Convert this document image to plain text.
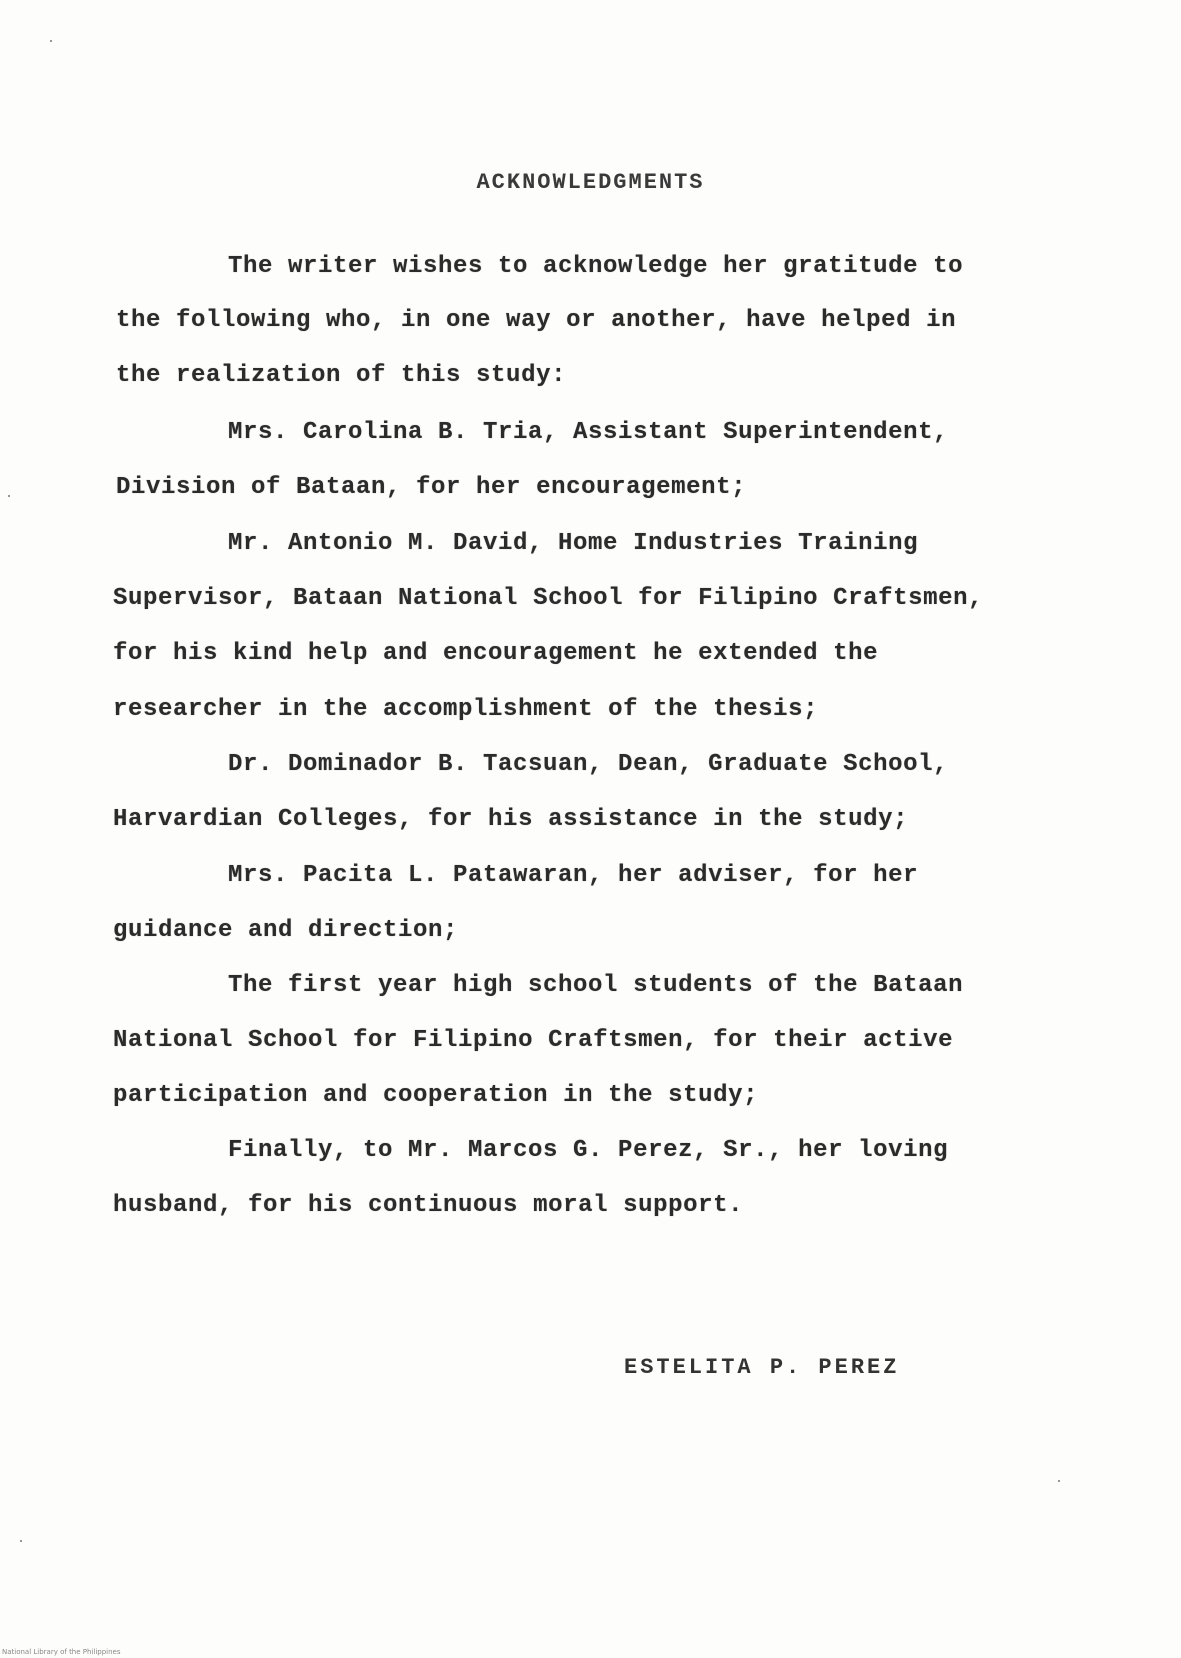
ACKNOWLEDGMENTS
The writer wishes to acknowledge her gratitude to
the following who, in one way or another, have helped in
the realization of this study:
Mrs. Carolina B. Tria, Assistant Superintendent,
Division of Bataan, for her encouragement;
Mr. Antonio M. David, Home Industries Training
Supervisor, Bataan National School for Filipino Craftsmen,
for his kind help and encouragement he extended the
researcher in the accomplishment of the thesis;
Dr. Dominador B. Tacsuan, Dean, Graduate School,
Harvardian Colleges, for his assistance in the study;
Mrs. Pacita L. Patawaran, her adviser, for her
guidance and direction;
The first year high school students of the Bataan
National School for Filipino Craftsmen, for their active
participation and cooperation in the study;
Finally, to Mr. Marcos G. Perez, Sr., her loving
husband, for his continuous moral support.
ESTELITA P. PEREZ
National Library of the Philippines
